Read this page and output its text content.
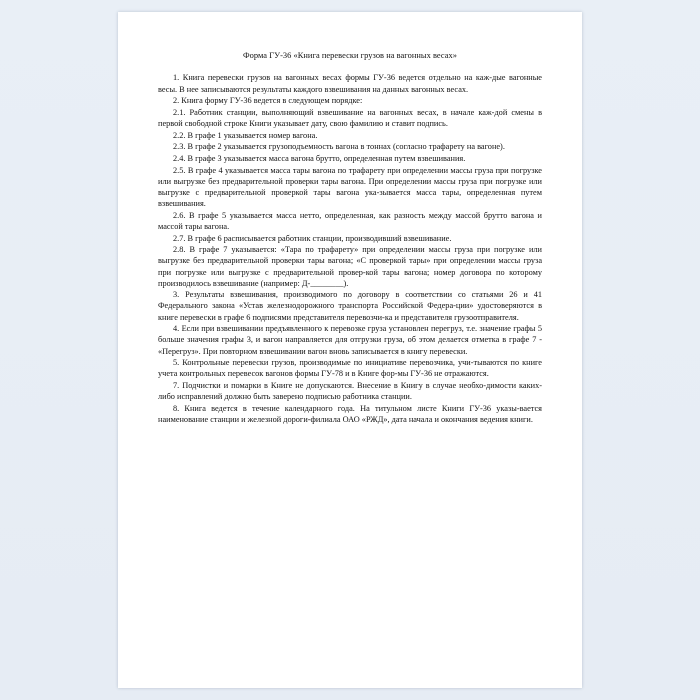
Форма ГУ-36 «Книга перевески грузов на вагонных весах»

1. Книга перевески грузов на вагонных весах формы ГУ-36 ведется отдельно на каж-дые вагонные весы. В нее записываются результаты каждого взвешивания на данных вагонных весах.

2. Книга форму ГУ-36 ведется в следующем порядке:

2.1. Работник станции, выполняющий взвешивание на вагонных весах, в начале каж-дой смены в первой свободной строке Книги указывает дату, свою фамилию и ставит подпись.

2.2. В графе 1 указывается номер вагона.

2.3. В графе 2 указывается грузоподъемность вагона в тоннах (согласно трафарету на вагоне).

2.4. В графе 3 указывается масса вагона брутто, определенная путем взвешивания.

2.5. В графе 4 указывается масса тары вагона по трафарету при определении массы груза при погрузке или выгрузке без предварительной проверки тары вагона. При определении массы груза при погрузке или выгрузке с предварительной проверкой тары вагона ука-зывается масса тары, определенная путем взвешивания.

2.6. В графе 5 указывается масса нетто, определенная, как разность между массой брутто вагона и массой тары вагона.

2.7. В графе 6 расписывается работник станции, производивший взвешивание.

2.8. В графе 7 указывается: «Тара по трафарету» при определении массы груза при погрузке или выгрузке без предварительной проверки тары вагона; «С проверкой тары» при определении массы груза при погрузке или выгрузке с предварительной провер-кой тары вагона; номер договора по которому производилось взвешивание (например: Д-________).

3. Результаты взвешивания, производимого по договору в соответствии со статьями 26 и 41 Федерального закона «Устав железнодорожного транспорта Российской Федера-ции» удостоверяются в книге перевески в графе 6 подписями представителя перевозчи-ка и представителя грузоотправителя.

4. Если при взвешивании предъявленного к перевозке груза установлен перегруз, т.е. значение графы 5 больше значения графы 3, и вагон направляется для отгрузки груза, об этом делается отметка в графе 7 - «Перегруз». При повторном взвешивании вагон вновь записывается в книгу перевески.

5. Контрольные перевески грузов, производимые по инициативе перевозчика, учи-тываются по книге учета контрольных перевесок вагонов формы ГУ-78 и в Книге фор-мы ГУ-36 не отражаются.

7. Подчистки и помарки в Книге не допускаются. Внесение в Книгу в случае необхо-димости каких-либо исправлений должно быть заверено подписью работника станции.

8. Книга ведется в течение календарного года. На титульном листе Книги ГУ-36 указы-вается наименование станции и железной дороги-филиала ОАО «РЖД», дата начала и окончания ведения книги.
